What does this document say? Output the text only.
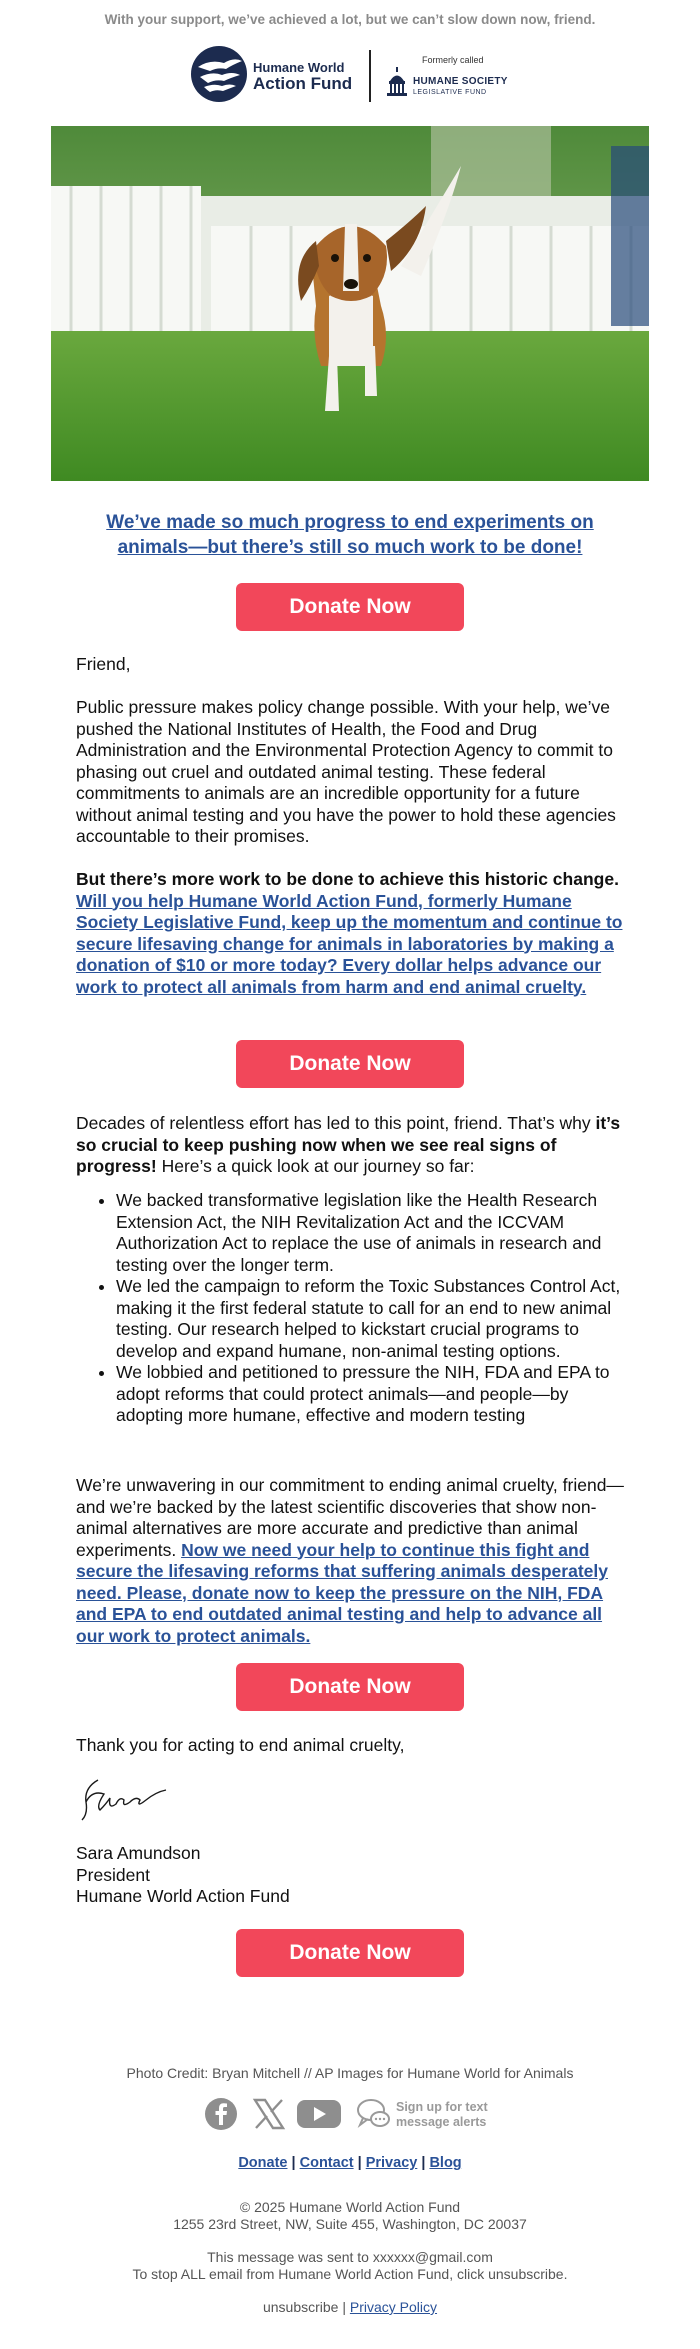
With your support, we’ve achieved a lot, but we can’t slow down now, friend.
Humane World
Action Fund
Formerly called
HUMANE SOCIETY
LEGISLATIVE FUND
We’ve made so much progress to end experiments on animals—but there’s still so much work to be done!
Donate Now

Friend,

Public pressure makes policy change possible. With your help, we’ve pushed the National Institutes of Health, the Food and Drug Administration and the Environmental Protection Agency to commit to phasing out cruel and outdated animal testing. These federal commitments to animals are an incredible opportunity for a future without animal testing and you have the power to hold these agencies accountable to their promises.

But there’s more work to be done to achieve this historic change. Will you help Humane World Action Fund, formerly Humane Society Legislative Fund, keep up the momentum and continue to secure lifesaving change for animals in laboratories by making a donation of $10 or more today? Every dollar helps advance our work to protect all animals from harm and end animal cruelty.

Donate Now

Decades of relentless effort has led to this point, friend. That’s why it’s so crucial to keep pushing now when we see real signs of progress! Here’s a quick look at our journey so far:

• We backed transformative legislation like the Health Research Extension Act, the NIH Revitalization Act and the ICCVAM Authorization Act to replace the use of animals in research and testing over the longer term.
• We led the campaign to reform the Toxic Substances Control Act, making it the first federal statute to call for an end to new animal testing. Our research helped to kickstart crucial programs to develop and expand humane, non-animal testing options.
• We lobbied and petitioned to pressure the NIH, FDA and EPA to adopt reforms that could protect animals—and people—by adopting more humane, effective and modern testing

We’re unwavering in our commitment to ending animal cruelty, friend—and we’re backed by the latest scientific discoveries that show non-animal alternatives are more accurate and predictive than animal experiments. Now we need your help to continue this fight and secure the lifesaving reforms that suffering animals desperately need. Please, donate now to keep the pressure on the NIH, FDA and EPA to end outdated animal testing and help to advance all our work to protect animals.

Donate Now

Thank you for acting to end animal cruelty,

Sara Amundson

President

Humane World Action Fund

Donate Now
Photo Credit: Bryan Mitchell // AP Images for Humane World for Animals
Sign up for text
message alerts
Donate | Contact | Privacy | Blog
© 2025 Humane World Action Fund
1255 23rd Street, NW, Suite 455, Washington, DC 20037
This message was sent to xxxxxx@gmail.com
To stop ALL email from Humane World Action Fund, click unsubscribe.
unsubscribe | Privacy Policy
